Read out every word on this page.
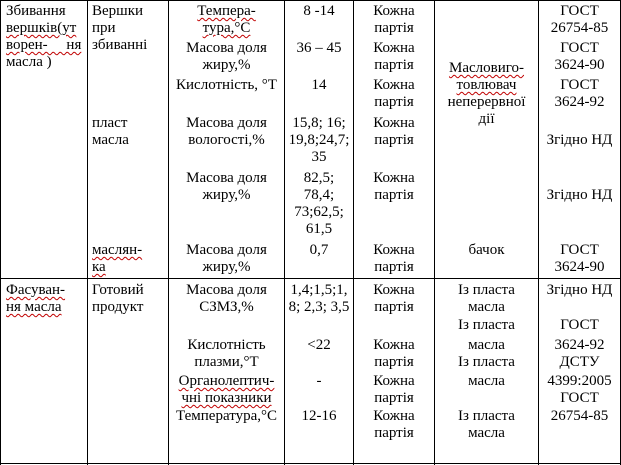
Збивання
вершків(ут
ворен-     ня
масла )
Фасуван-
ня масла
Вершки
при
збиванні
пласт
масла
маслян-
ка
Готовий
продукт
Темпера-
тура,°С
Масова доля
жиру,%
Кислотність, °Т
Масова доля
вологості,%
Масова доля
жиру,%
Масова доля
жиру,%
Масова доля
СЗМЗ,%
Кислотність
плазми,°Т
Органолептич-
чні показники
Температура,°С
8 -14
36 – 45
14
15,8; 16;
19,8;24,7;
35
82,5;
78,4;
73;62,5;
61,5
0,7
1,4;1,5;1,
8; 2,3; 3,5
<22
-
12-16
Кожна
партія
Кожна
партія
Кожна
партія
Кожна
партія
Кожна
партія
Кожна
партія
Кожна
партія
Кожна
партія
Кожна
партія
Кожна
партія
Масловиго-
товлювач
неперервної
дії
бачок
Із пласта
масла
Із пласта
масла
Із пласта
масла
Із пласта
масла
ГОСТ
26754-85
ГОСТ
3624-90
ГОСТ
3624-92
Згідно НД
Згідно НД
ГОСТ
3624-90
Згідно НД
ГОСТ
3624-92
ДСТУ
4399:2005
ГОСТ
26754-85
